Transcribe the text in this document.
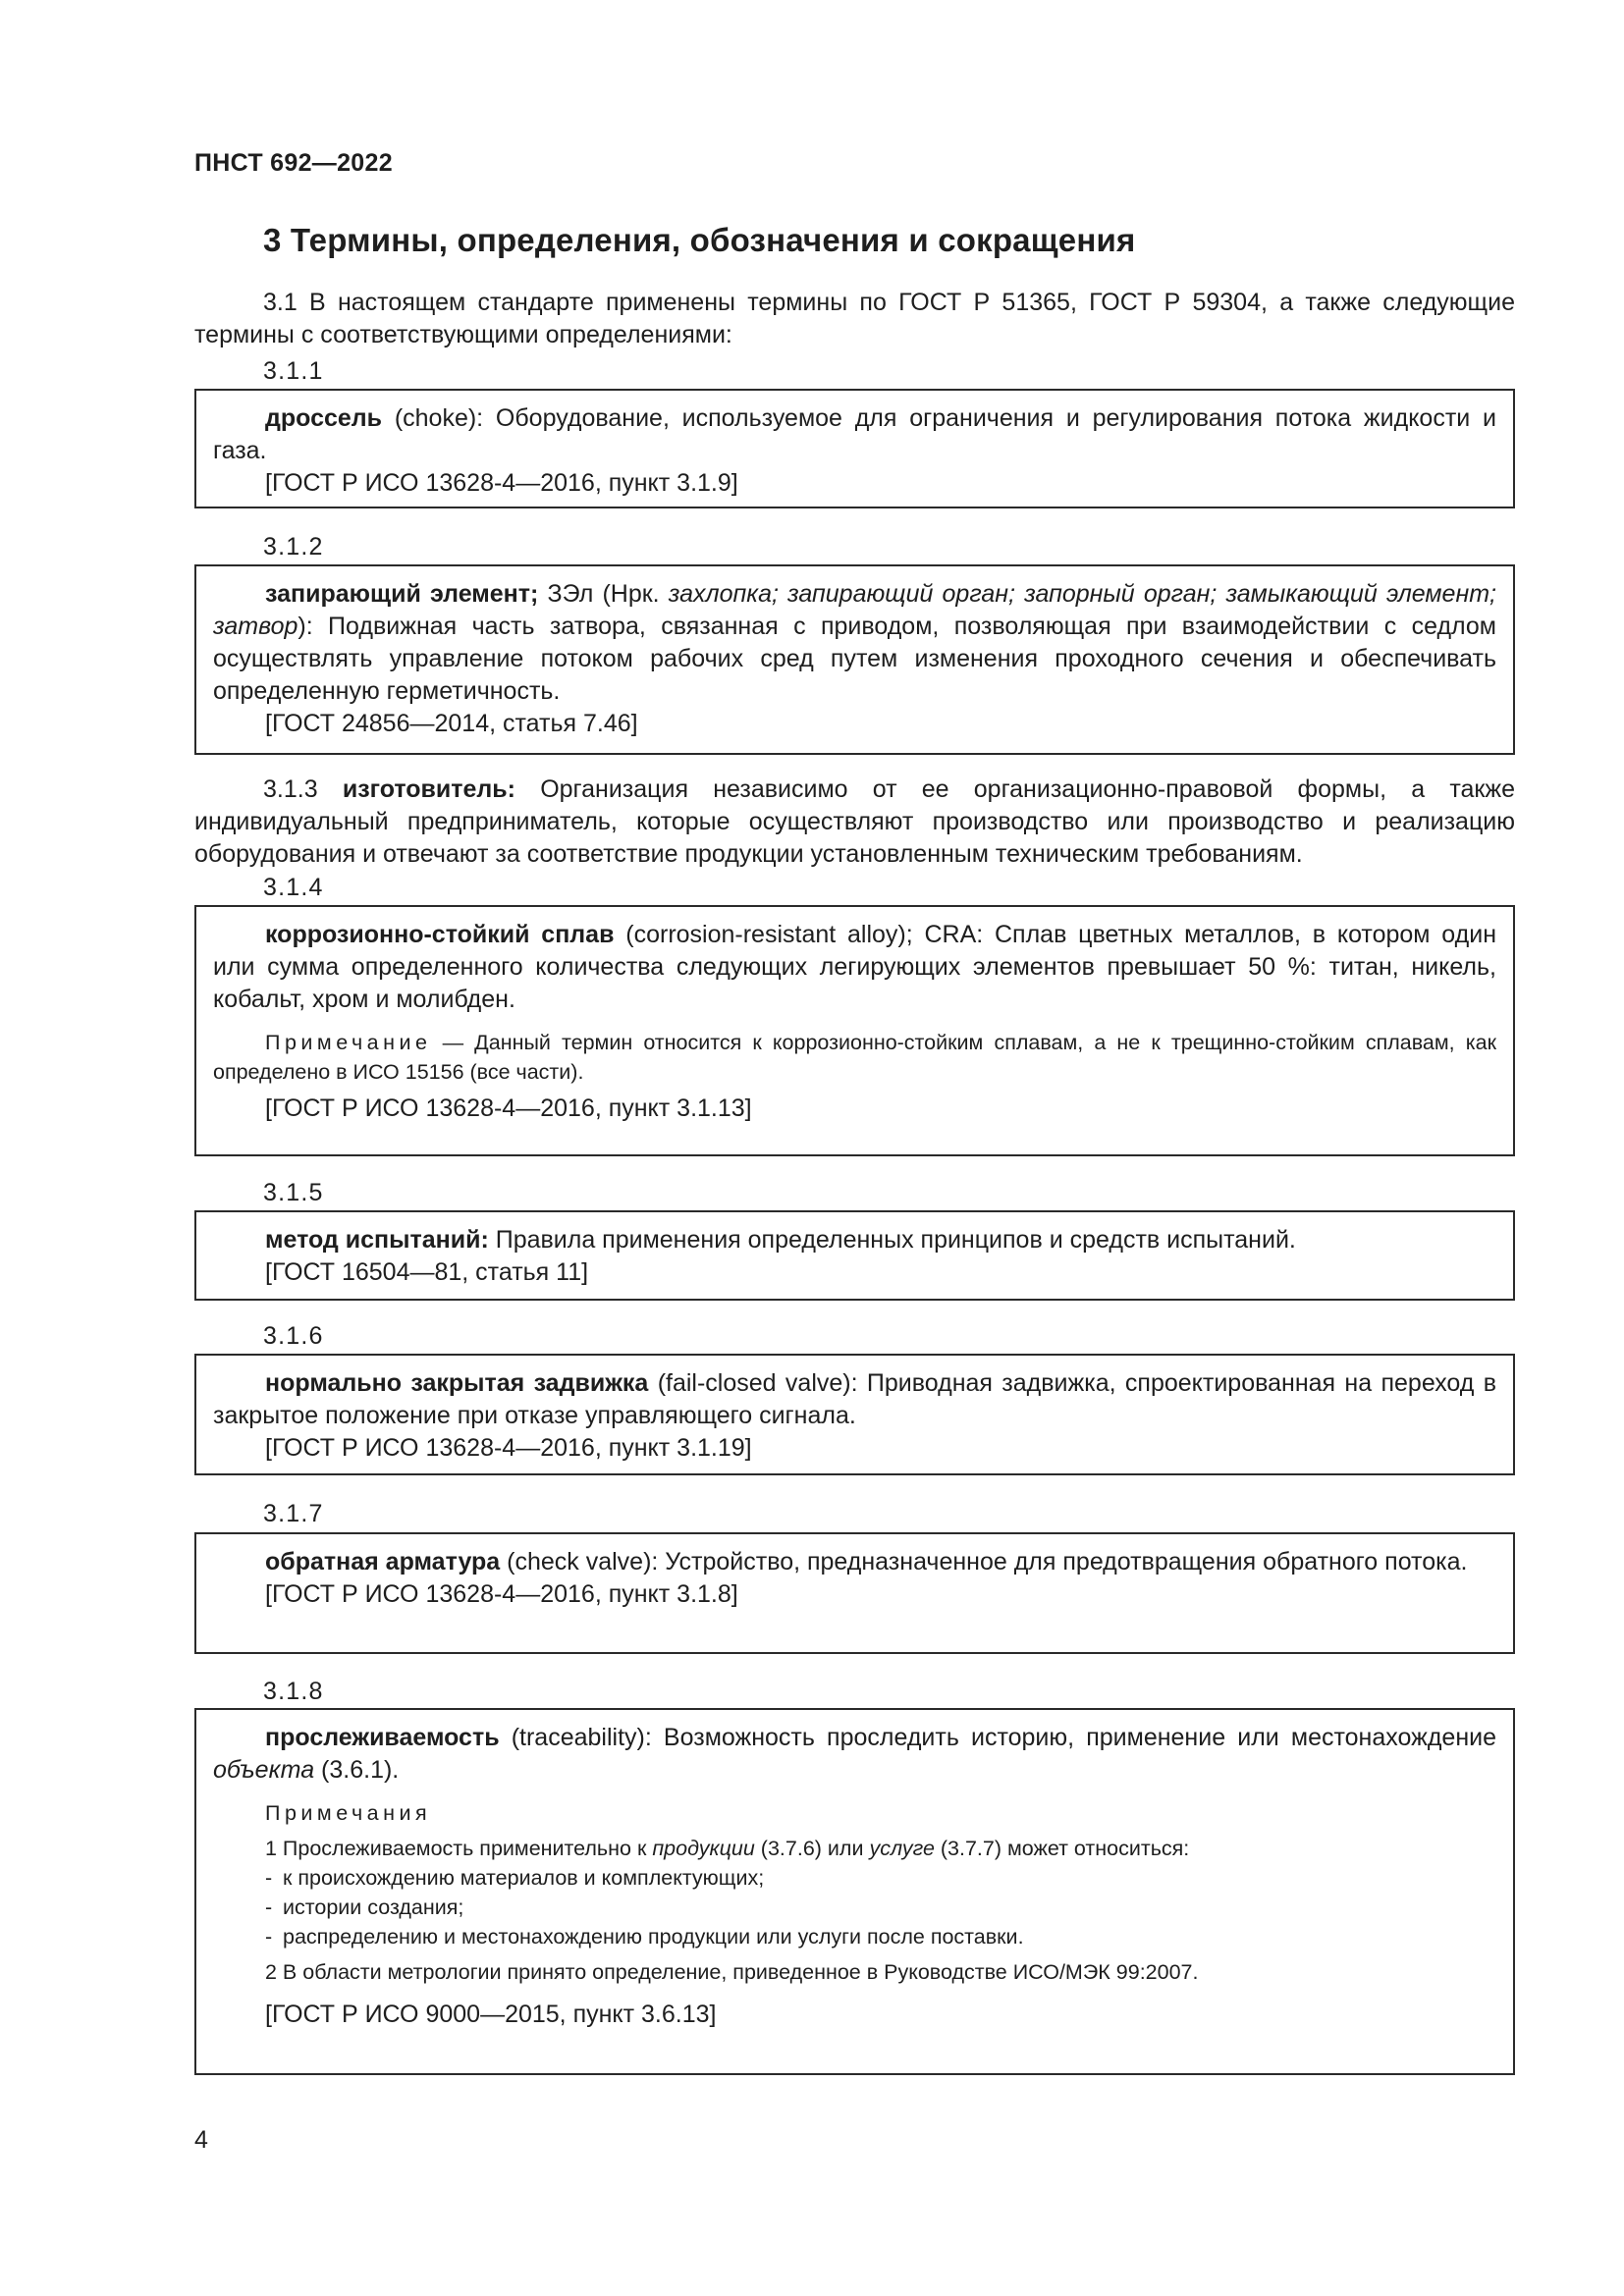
ПНСТ 692—2022
3 Термины, определения, обозначения и сокращения

3.1 В настоящем стандарте применены термины по ГОСТ Р 51365, ГОСТ Р 59304, а также следующие термины с соответствующими определениями:

3.1.1

дроссель (choke): Оборудование, используемое для ограничения и регулирования потока жидкости и газа.

[ГОСТ Р ИСО 13628-4—2016, пункт 3.1.9]

3.1.2

запирающий элемент; ЗЭл (Нрк. захлопка; запирающий орган; запорный орган; замыкающий элемент; затвор): Подвижная часть затвора, связанная с приводом, позволяющая при взаимодействии с седлом осуществлять управление потоком рабочих сред путем изменения проходного сечения и обеспечивать определенную герметичность.

[ГОСТ 24856—2014, статья 7.46]

3.1.3 изготовитель: Организация независимо от ее организационно-правовой формы, а также индивидуальный предприниматель, которые осуществляют производство или производство и реализацию оборудования и отвечают за соответствие продукции установленным техническим требованиям.

3.1.4

коррозионно-стойкий сплав (corrosion-resistant alloy); CRA: Сплав цветных металлов, в котором один или сумма определенного количества следующих легирующих элементов превышает 50 %: титан, никель, кобальт, хром и молибден.

Примечание — Данный термин относится к коррозионно-стойким сплавам, а не к трещинно-стойким сплавам, как определено в ИСО 15156 (все части).

[ГОСТ Р ИСО 13628-4—2016, пункт 3.1.13]

3.1.5

метод испытаний: Правила применения определенных принципов и средств испытаний.

[ГОСТ 16504—81, статья 11]

3.1.6

нормально закрытая задвижка (fail-closed valve): Приводная задвижка, спроектированная на переход в закрытое положение при отказе управляющего сигнала.

[ГОСТ Р ИСО 13628-4—2016, пункт 3.1.19]

3.1.7

обратная арматура (check valve): Устройство, предназначенное для предотвращения обратного потока.

[ГОСТ Р ИСО 13628-4—2016, пункт 3.1.8]

3.1.8

прослеживаемость (traceability): Возможность проследить историю, применение или местонахождение объекта (3.6.1).

Примечания

1 Прослеживаемость применительно к продукции (3.7.6) или услуге (3.7.7) может относиться:

- к происхождению материалов и комплектующих;

- истории создания;

- распределению и местонахождению продукции или услуги после поставки.

2 В области метрологии принято определение, приведенное в Руководстве ИСО/МЭК 99:2007.

[ГОСТ Р ИСО 9000—2015, пункт 3.6.13]

4
